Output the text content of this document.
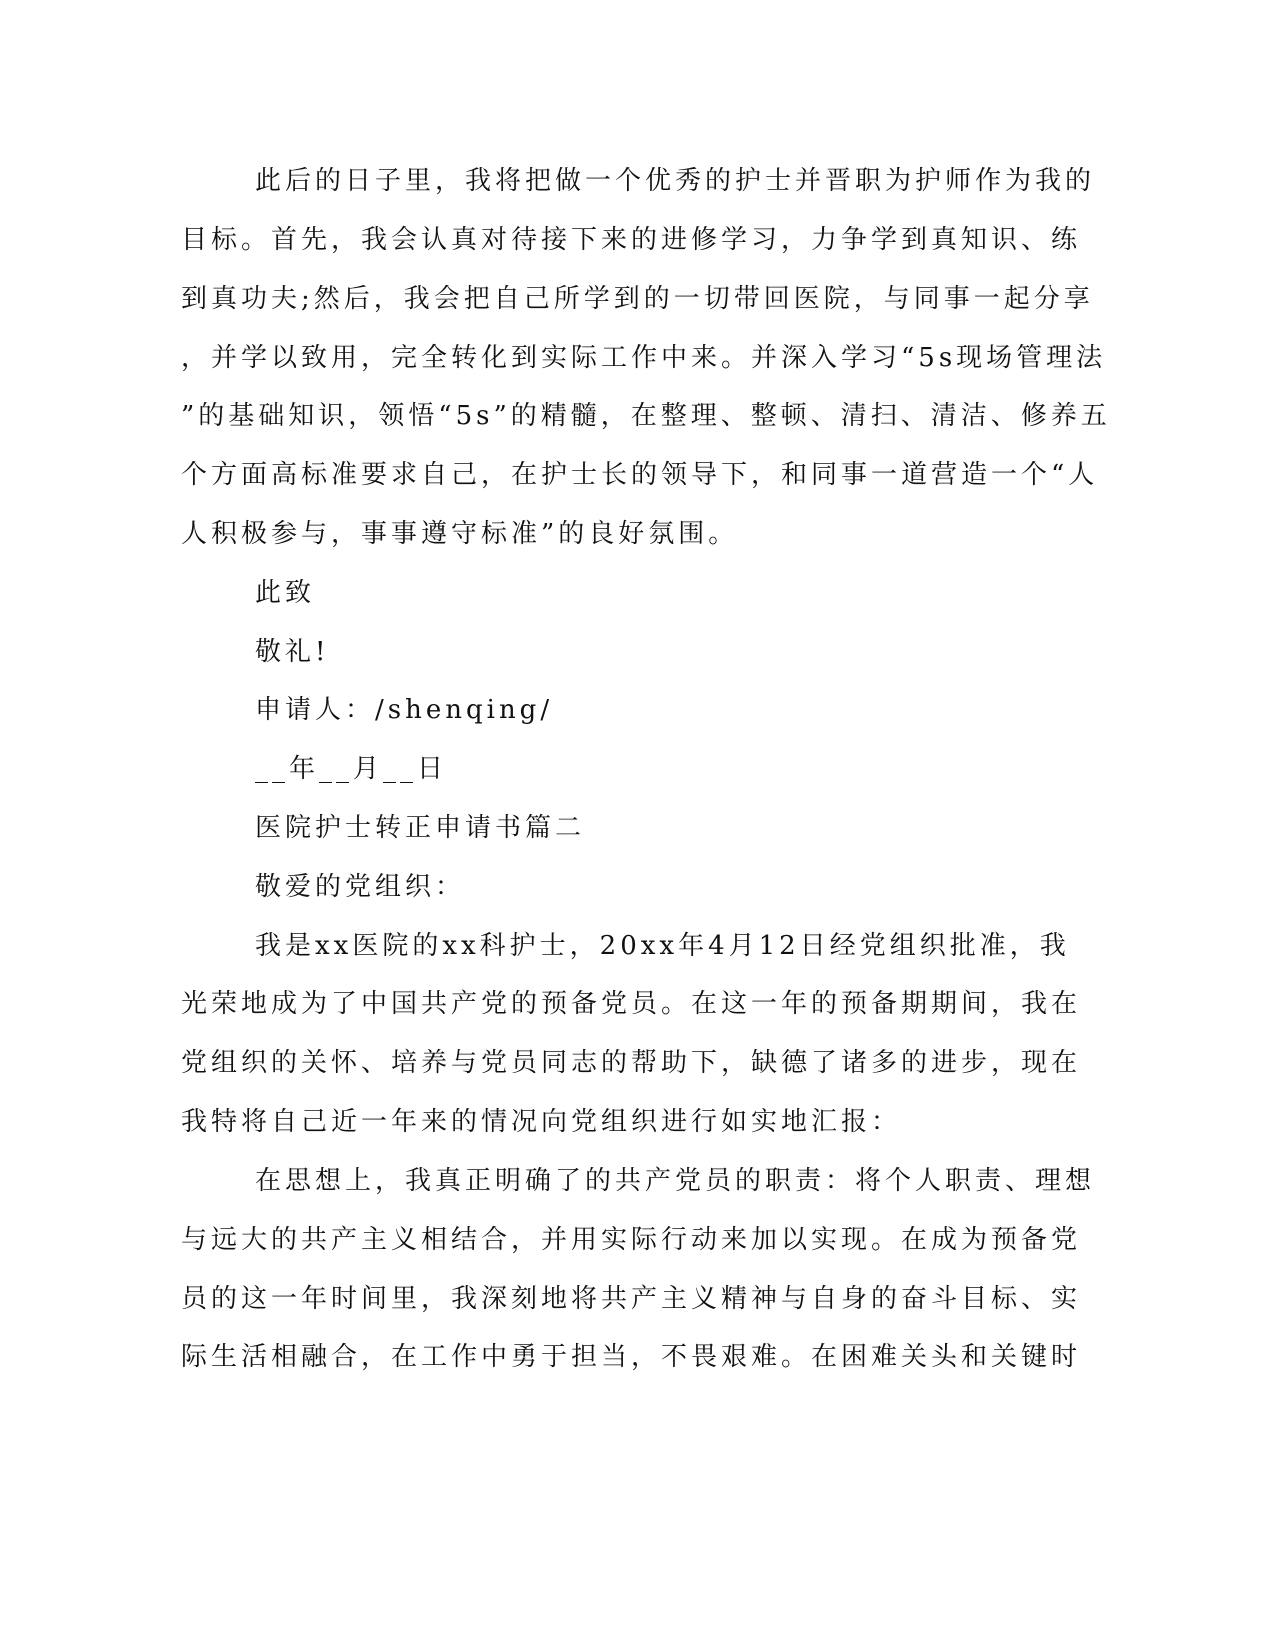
此后的日子里，我将把做一个优秀的护士并晋职为护师作为我的
目标。首先，我会认真对待接下来的进修学习，力争学到真知识、练
到真功夫;然后，我会把自己所学到的一切带回医院，与同事一起分享
，并学以致用，完全转化到实际工作中来。并深入学习“5s现场管理法
”的基础知识，领悟“5s”的精髓，在整理、整顿、清扫、清洁、修养五
个方面高标准要求自己，在护士长的领导下，和同事一道营造一个“人
人积极参与，事事遵守标准”的良好氛围。
此致
敬礼!
申请人：/shenqing/
__年__月__日
医院护士转正申请书篇二
敬爱的党组织：
我是xx医院的xx科护士，20xx年4月12日经党组织批准，我
光荣地成为了中国共产党的预备党员。在这一年的预备期期间，我在
党组织的关怀、培养与党员同志的帮助下，缺德了诸多的进步，现在
我特将自己近一年来的情况向党组织进行如实地汇报：
在思想上，我真正明确了的共产党员的职责：将个人职责、理想
与远大的共产主义相结合，并用实际行动来加以实现。在成为预备党
员的这一年时间里，我深刻地将共产主义精神与自身的奋斗目标、实
际生活相融合，在工作中勇于担当，不畏艰难。在困难关头和关键时
